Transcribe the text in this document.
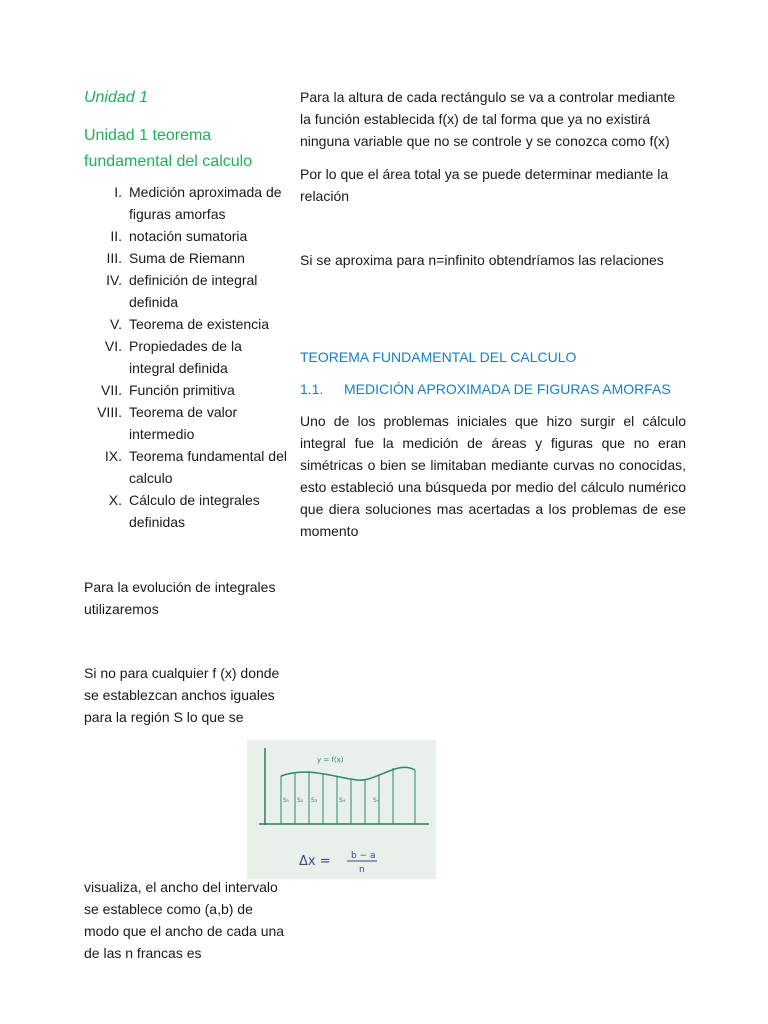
Unidad 1
Unidad 1 teorema fundamental del calculo
I. Medición aproximada de figuras amorfas
II. notación sumatoria
III. Suma de Riemann
IV. definición de integral definida
V. Teorema de existencia
VI. Propiedades de la integral definida
VII. Función primitiva
VIII. Teorema de valor intermedio
IX. Teorema fundamental del calculo
X. Cálculo de integrales definidas

Para la evolución de integrales utilizaremos

Si no para cualquier f (x) donde se establezcan anchos iguales para la región S lo que se

y = f(x)
S₁ S₂ S₃	S₄	Sₙ
Δx = b − a
n

visualiza, el ancho del intervalo se establece como (a,b) de modo que el ancho de cada una de las n francas es

Para la altura de cada rectángulo se va a controlar mediante la función establecida f(x) de tal forma que ya no existirá ninguna variable que no se controle y se conozca como f(x)

Por lo que el área total ya se puede determinar mediante la relación

Si se aproxima para n=infinito obtendríamos las relaciones

TEOREMA FUNDAMENTAL DEL CALCULO

1.1. MEDICIÓN APROXIMADA DE FIGURAS AMORFAS

Uno de los problemas iniciales que hizo surgir el cálculo integral fue la medición de áreas y figuras que no eran simétricas o bien se limitaban mediante curvas no conocidas, esto estableció una búsqueda por medio del cálculo numérico que diera soluciones mas acertadas a los problemas de ese momento
